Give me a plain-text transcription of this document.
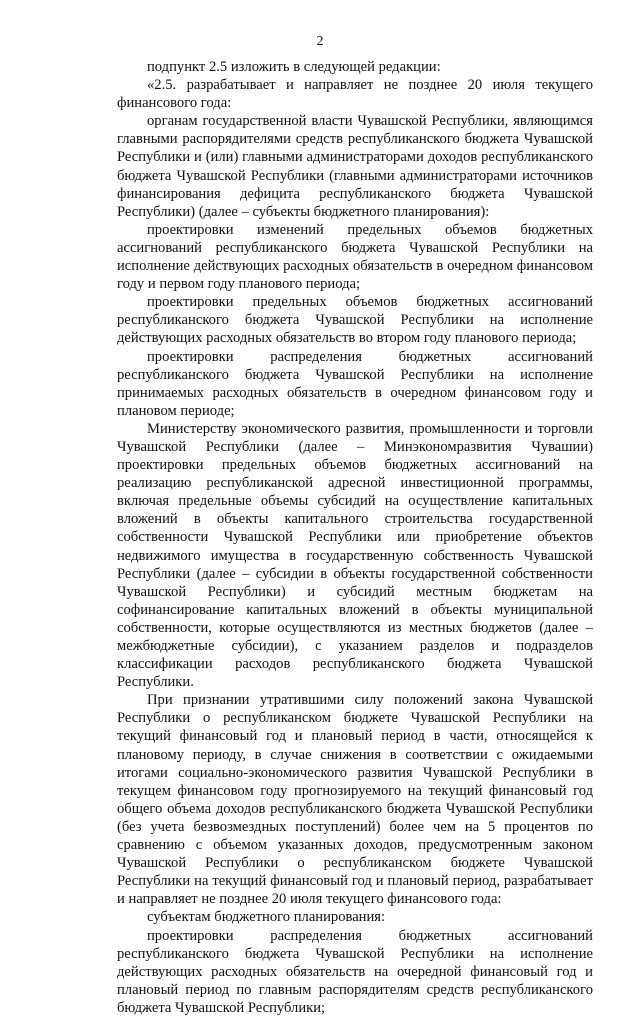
2

подпункт 2.5 изложить в следующей редакции:

«2.5. разрабатывает и направляет не позднее 20 июля текущего финансового года:

органам государственной власти Чувашской Республики, являющимся главными распорядителями средств республиканского бюджета Чувашской Республики и (или) главными администраторами доходов республиканского бюджета Чувашской Республики (главными администраторами источников финансирования дефицита республиканского бюджета Чувашской Республики) (далее – субъекты бюджетного планирования):

проектировки изменений предельных объемов бюджетных ассигнований республиканского бюджета Чувашской Республики на исполнение действующих расходных обязательств в очередном финансовом году и первом году планового периода;

проектировки предельных объемов бюджетных ассигнований республиканского бюджета Чувашской Республики на исполнение действующих расходных обязательств во втором году планового периода;

проектировки распределения бюджетных ассигнований республиканского бюджета Чувашской Республики на исполнение принимаемых расходных обязательств в очередном финансовом году и плановом периоде;

Министерству экономического развития, промышленности и торговли Чувашской Республики (далее – Минэкономразвития Чувашии) проектировки предельных объемов бюджетных ассигнований на реализацию республиканской адресной инвестиционной программы, включая предельные объемы субсидий на осуществление капитальных вложений в объекты капитального строительства государственной собственности Чувашской Республики или приобретение объектов недвижимого имущества в государственную собственность Чувашской Республики (далее – субсидии в объекты государственной собственности Чувашской Республики) и субсидий местным бюджетам на софинансирование капитальных вложений в объекты муниципальной собственности, которые осуществляются из местных бюджетов (далее – межбюджетные субсидии), с указанием разделов и подразделов классификации расходов республиканского бюджета Чувашской Республики.

При признании утратившими силу положений закона Чувашской Республики о республиканском бюджете Чувашской Республики на текущий финансовый год и плановый период в части, относящейся к плановому периоду, в случае снижения в соответствии с ожидаемыми итогами социально-экономического развития Чувашской Республики в текущем финансовом году прогнозируемого на текущий финансовый год общего объема доходов республиканского бюджета Чувашской Республики (без учета безвозмездных поступлений) более чем на 5 процентов по сравнению с объемом указанных доходов, предусмотренным законом Чувашской Республики о республиканском бюджете Чувашской Республики на текущий финансовый год и плановый период, разрабатывает и направляет не позднее 20 июля текущего финансового года:

субъектам бюджетного планирования:

проектировки распределения бюджетных ассигнований республиканского бюджета Чувашской Республики на исполнение действующих расходных обязательств на очередной финансовый год и плановый период по главным распорядителям средств республиканского бюджета Чувашской Республики;
